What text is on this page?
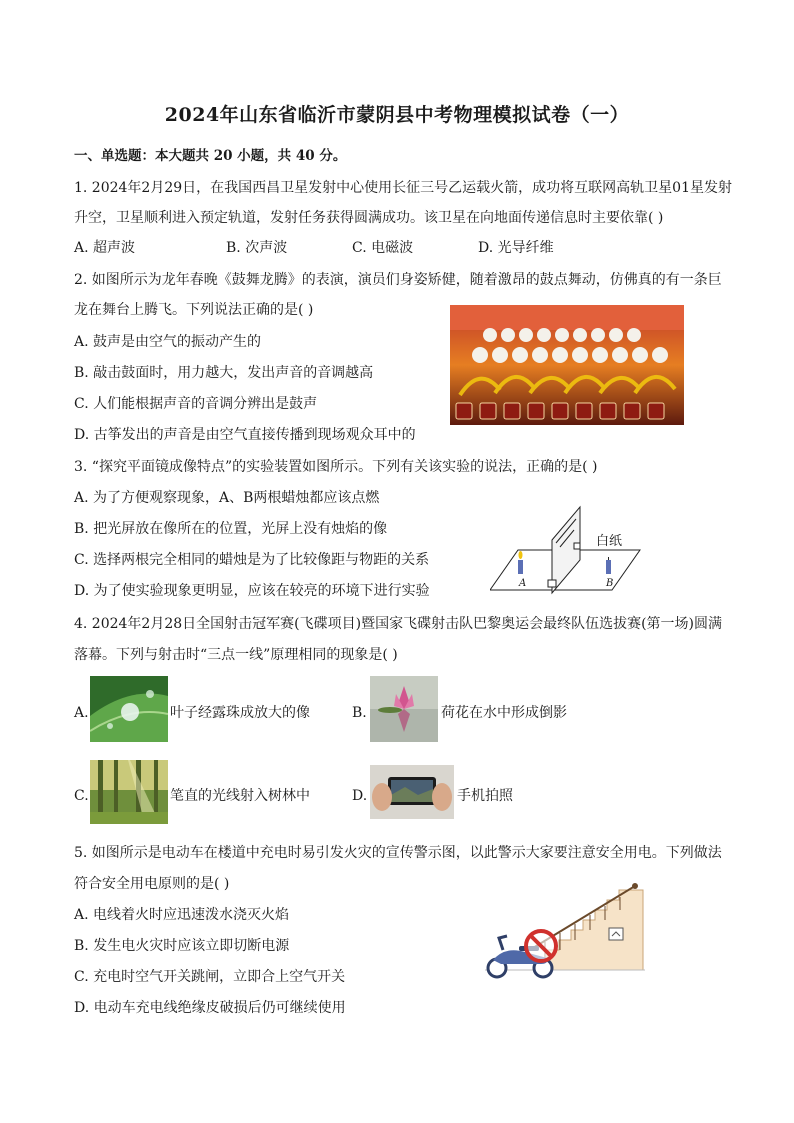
2024年山东省临沂市蒙阴县中考物理模拟试卷（一）
一、单选题：本大题共 20 小题，共 40 分。
1. 2024年2月29日，在我国西昌卫星发射中心使用长征三号乙运载火箭，成功将互联网高轨卫星01星发射
升空，卫星顺利进入预定轨道，发射任务获得圆满成功。该卫星在向地面传递信息时主要依靠( )
A. 超声波	B. 次声波	C. 电磁波	D. 光导纤维
2. 如图所示为龙年春晚《鼓舞龙腾》的表演，演员们身姿矫健，随着激昂的鼓点舞动，仿佛真的有一条巨
龙在舞台上腾飞。下列说法正确的是( )
A. 鼓声是由空气的振动产生的
B. 敲击鼓面时，用力越大，发出声音的音调越高
C. 人们能根据声音的音调分辨出是鼓声
D. 古筝发出的声音是由空气直接传播到现场观众耳中的
3. “探究平面镜成像特点”的实验装置如图所示。下列有关该实验的说法，正确的是( )
A. 为了方便观察现象，A、B两根蜡烛都应该点燃
B. 把光屏放在像所在的位置，光屏上没有烛焰的像
C. 选择两根完全相同的蜡烛是为了比较像距与物距的关系
D. 为了使实验现象更明显，应该在较亮的环境下进行实验
白纸
A	B
4. 2024年2月28日全国射击冠军赛(飞碟项目)暨国家飞碟射击队巴黎奥运会最终队伍选拔赛(第一场)圆满
落幕。下列与射击时“三点一线”原理相同的现象是( )
A.	叶子经露珠成放大的像	B.	荷花在水中形成倒影
C.	笔直的光线射入树林中	D.	手机拍照
5. 如图所示是电动车在楼道中充电时易引发火灾的宣传警示图，以此警示大家要注意安全用电。下列做法
符合安全用电原则的是( )
A. 电线着火时应迅速泼水浇灭火焰
B. 发生电火灾时应该立即切断电源
C. 充电时空气开关跳闸，立即合上空气开关
D. 电动车充电线绝缘皮破损后仍可继续使用
